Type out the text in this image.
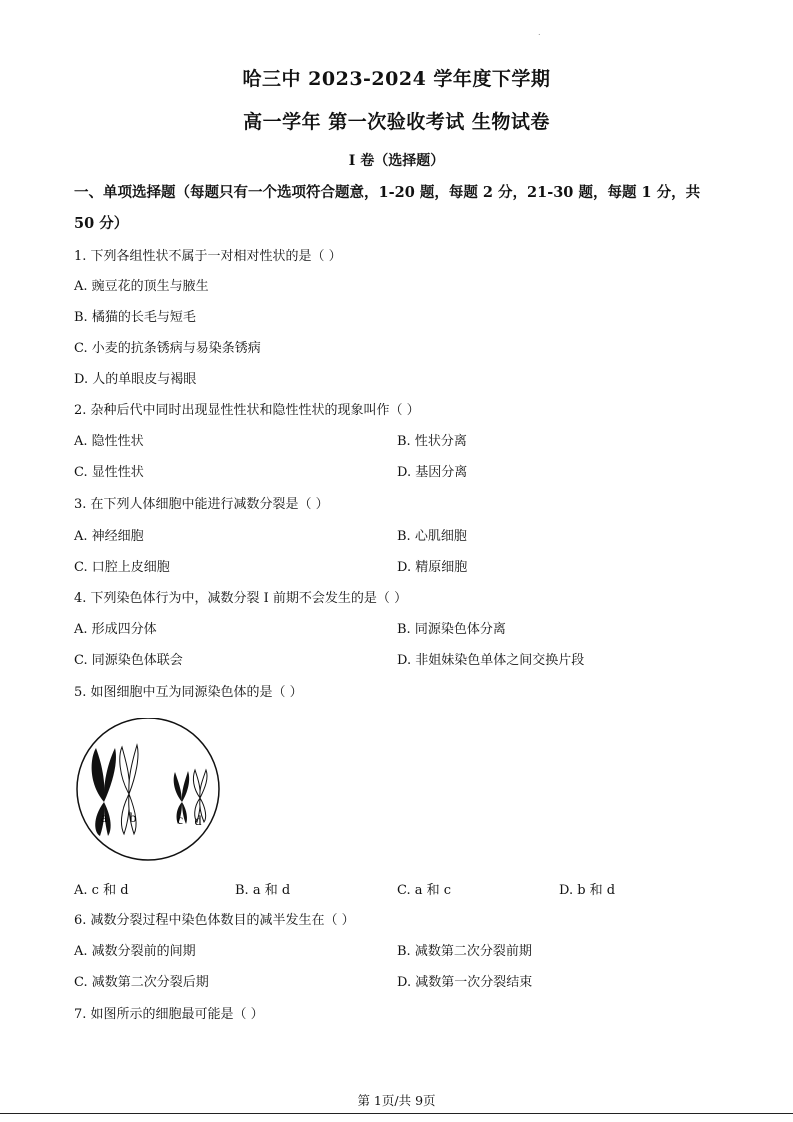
.
哈三中 2023-2024 学年度下学期
高一学年 第一次验收考试 生物试卷
I 卷（选择题）
一、单项选择题（每题只有一个选项符合题意，1-20 题，每题 2 分，21-30 题，每题 1 分，共
50 分）
1. 下列各组性状不属于一对相对性状的是（ ）
A. 豌豆花的顶生与腋生
B. 橘猫的长毛与短毛
C. 小麦的抗条锈病与易染条锈病
D. 人的单眼皮与褐眼
2. 杂种后代中同时出现显性性状和隐性性状的现象叫作（ ）
A. 隐性性状	B. 性状分离
C. 显性性状	D. 基因分离
3. 在下列人体细胞中能进行减数分裂是（ ）
A. 神经细胞	B. 心肌细胞
C. 口腔上皮细胞	D. 精原细胞
4. 下列染色体行为中，减数分裂 I 前期不会发生的是（ ）
A. 形成四分体	B. 同源染色体分离
C. 同源染色体联会	D. 非姐妹染色单体之间交换片段
5. 如图细胞中互为同源染色体的是（ ）
a b	c d
A. c 和 d	B. a 和 d	C. a 和 c	D. b 和 d
6. 减数分裂过程中染色体数目的减半发生在（ ）
A. 减数分裂前的间期	B. 减数第二次分裂前期
C. 减数第二次分裂后期	D. 减数第一次分裂结束
7. 如图所示的细胞最可能是（ ）
第 1页/共 9页
